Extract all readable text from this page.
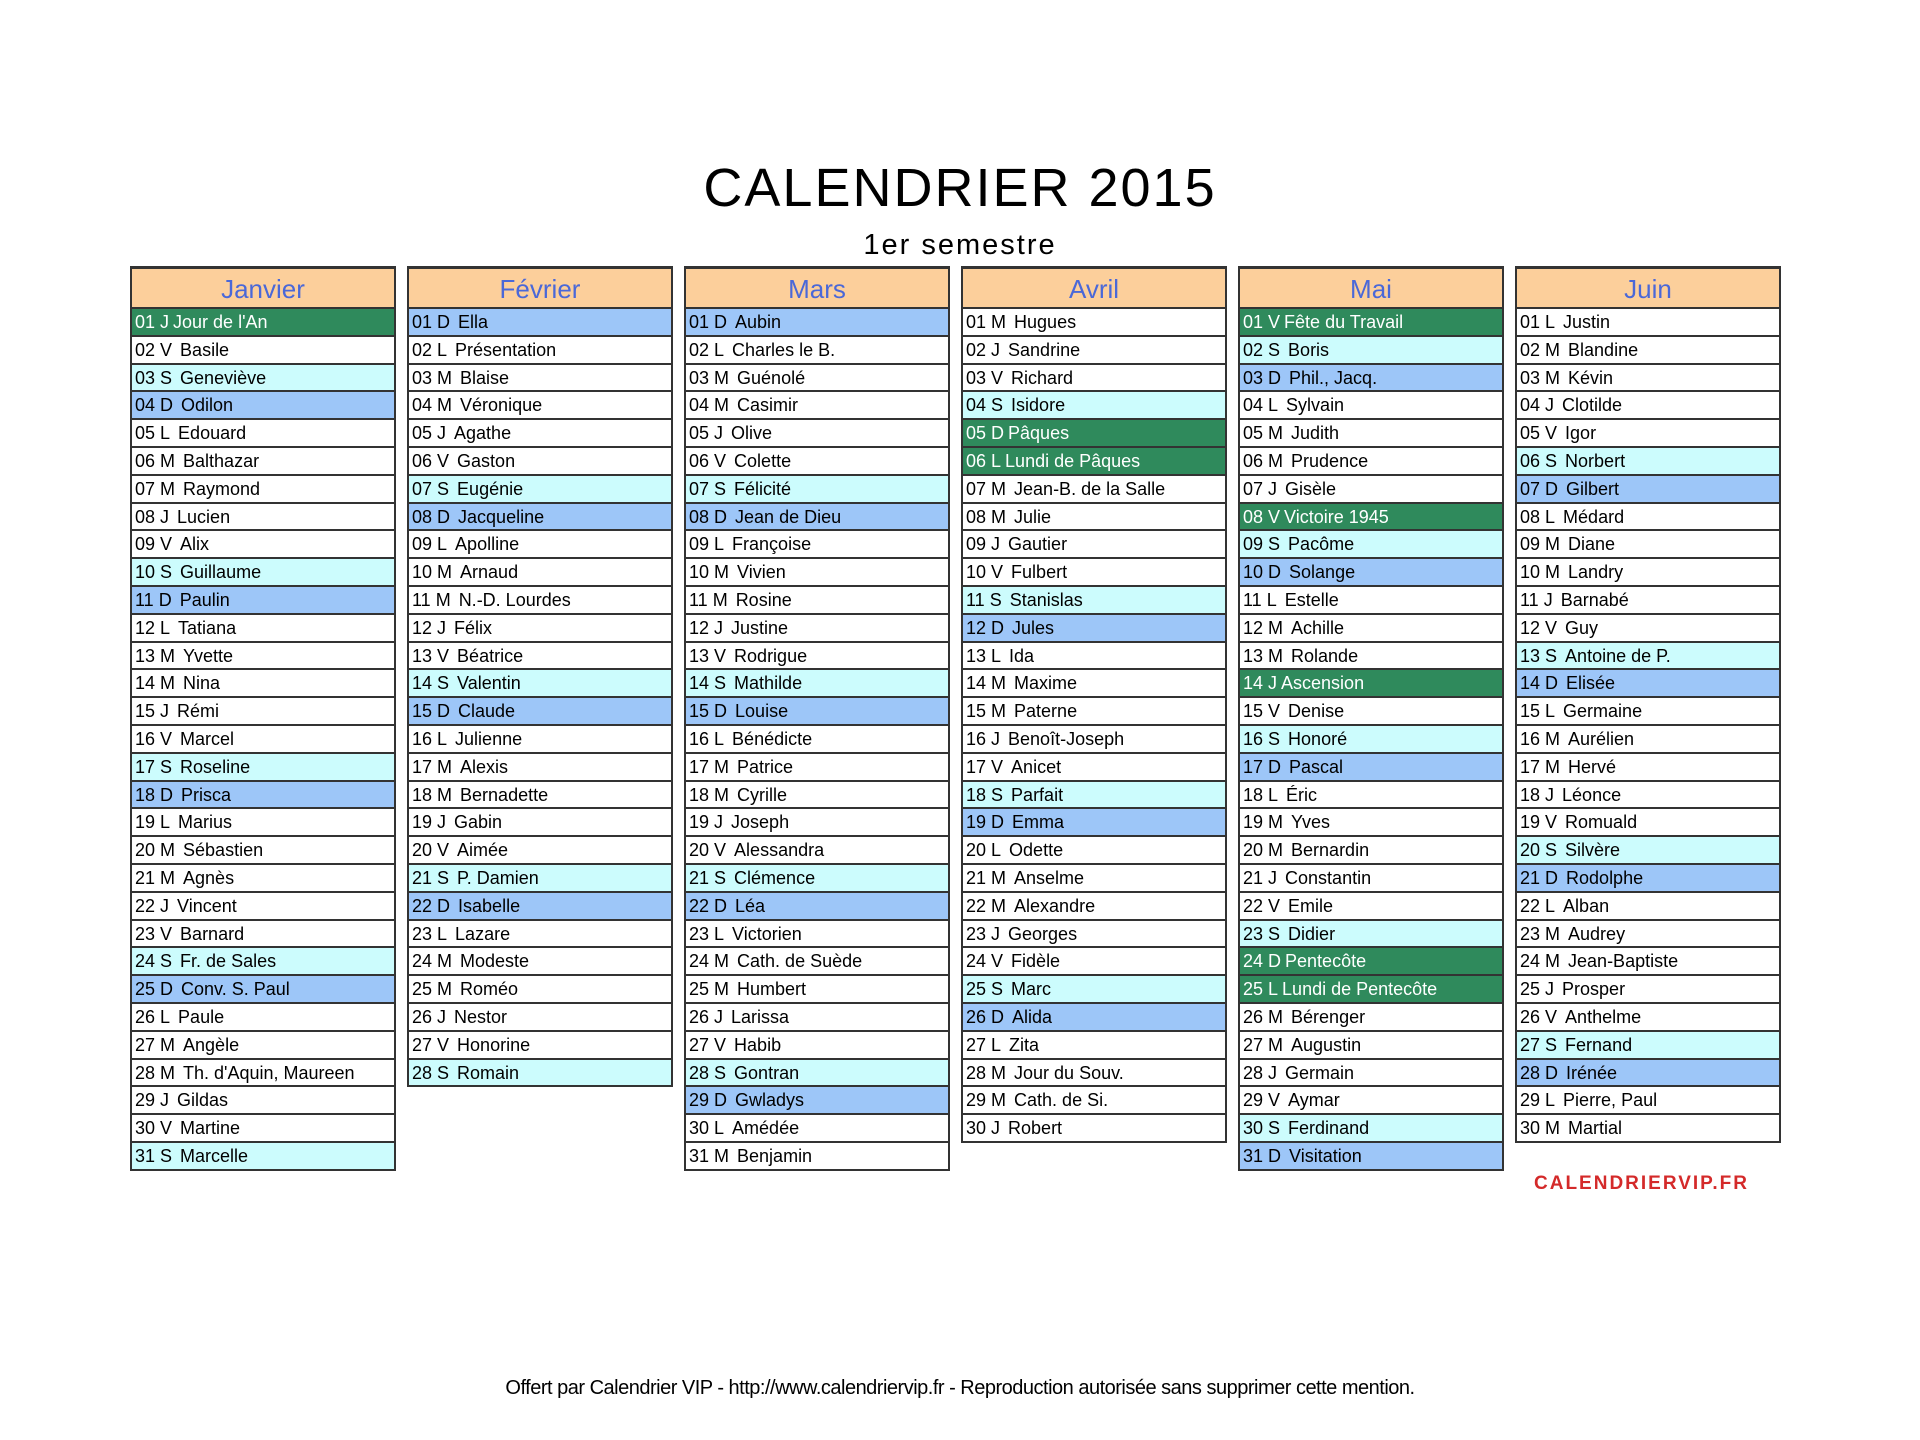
CALENDRIER 2015
1er semestre
Janvier
01 J Jour de l'An
02 V Basile
03 S Geneviève
04 D Odilon
05 L Edouard
06 M Balthazar
07 M Raymond
08 J Lucien
09 V Alix
10 S Guillaume
11 D Paulin
12 L Tatiana
13 M Yvette
14 M Nina
15 J Rémi
16 V Marcel
17 S Roseline
18 D Prisca
19 L Marius
20 M Sébastien
21 M Agnès
22 J Vincent
23 V Barnard
24 S Fr. de Sales
25 D Conv. S. Paul
26 L Paule
27 M Angèle
28 M Th. d'Aquin, Maureen
29 J Gildas
30 V Martine
31 S Marcelle
Février
01 D Ella
02 L Présentation
03 M Blaise
04 M Véronique
05 J Agathe
06 V Gaston
07 S Eugénie
08 D Jacqueline
09 L Apolline
10 M Arnaud
11 M N.-D. Lourdes
12 J Félix
13 V Béatrice
14 S Valentin
15 D Claude
16 L Julienne
17 M Alexis
18 M Bernadette
19 J Gabin
20 V Aimée
21 S P. Damien
22 D Isabelle
23 L Lazare
24 M Modeste
25 M Roméo
26 J Nestor
27 V Honorine
28 S Romain
Mars
01 D Aubin
02 L Charles le B.
03 M Guénolé
04 M Casimir
05 J Olive
06 V Colette
07 S Félicité
08 D Jean de Dieu
09 L Françoise
10 M Vivien
11 M Rosine
12 J Justine
13 V Rodrigue
14 S Mathilde
15 D Louise
16 L Bénédicte
17 M Patrice
18 M Cyrille
19 J Joseph
20 V Alessandra
21 S Clémence
22 D Léa
23 L Victorien
24 M Cath. de Suède
25 M Humbert
26 J Larissa
27 V Habib
28 S Gontran
29 D Gwladys
30 L Amédée
31 M Benjamin
Avril
01 M Hugues
02 J Sandrine
03 V Richard
04 S Isidore
05 D Pâques
06 L Lundi de Pâques
07 M Jean-B. de la Salle
08 M Julie
09 J Gautier
10 V Fulbert
11 S Stanislas
12 D Jules
13 L Ida
14 M Maxime
15 M Paterne
16 J Benoît-Joseph
17 V Anicet
18 S Parfait
19 D Emma
20 L Odette
21 M Anselme
22 M Alexandre
23 J Georges
24 V Fidèle
25 S Marc
26 D Alida
27 L Zita
28 M Jour du Souv.
29 M Cath. de Si.
30 J Robert
Mai
01 V Fête du Travail
02 S Boris
03 D Phil., Jacq.
04 L Sylvain
05 M Judith
06 M Prudence
07 J Gisèle
08 V Victoire 1945
09 S Pacôme
10 D Solange
11 L Estelle
12 M Achille
13 M Rolande
14 J Ascension
15 V Denise
16 S Honoré
17 D Pascal
18 L Éric
19 M Yves
20 M Bernardin
21 J Constantin
22 V Emile
23 S Didier
24 D Pentecôte
25 L Lundi de Pentecôte
26 M Bérenger
27 M Augustin
28 J Germain
29 V Aymar
30 S Ferdinand
31 D Visitation
Juin
01 L Justin
02 M Blandine
03 M Kévin
04 J Clotilde
05 V Igor
06 S Norbert
07 D Gilbert
08 L Médard
09 M Diane
10 M Landry
11 J Barnabé
12 V Guy
13 S Antoine de P.
14 D Elisée
15 L Germaine
16 M Aurélien
17 M Hervé
18 J Léonce
19 V Romuald
20 S Silvère
21 D Rodolphe
22 L Alban
23 M Audrey
24 M Jean-Baptiste
25 J Prosper
26 V Anthelme
27 S Fernand
28 D Irénée
29 L Pierre, Paul
30 M Martial
CALENDRIERVIP.FR
Offert par Calendrier VIP - http://www.calendriervip.fr - Reproduction autorisée sans supprimer cette mention.
